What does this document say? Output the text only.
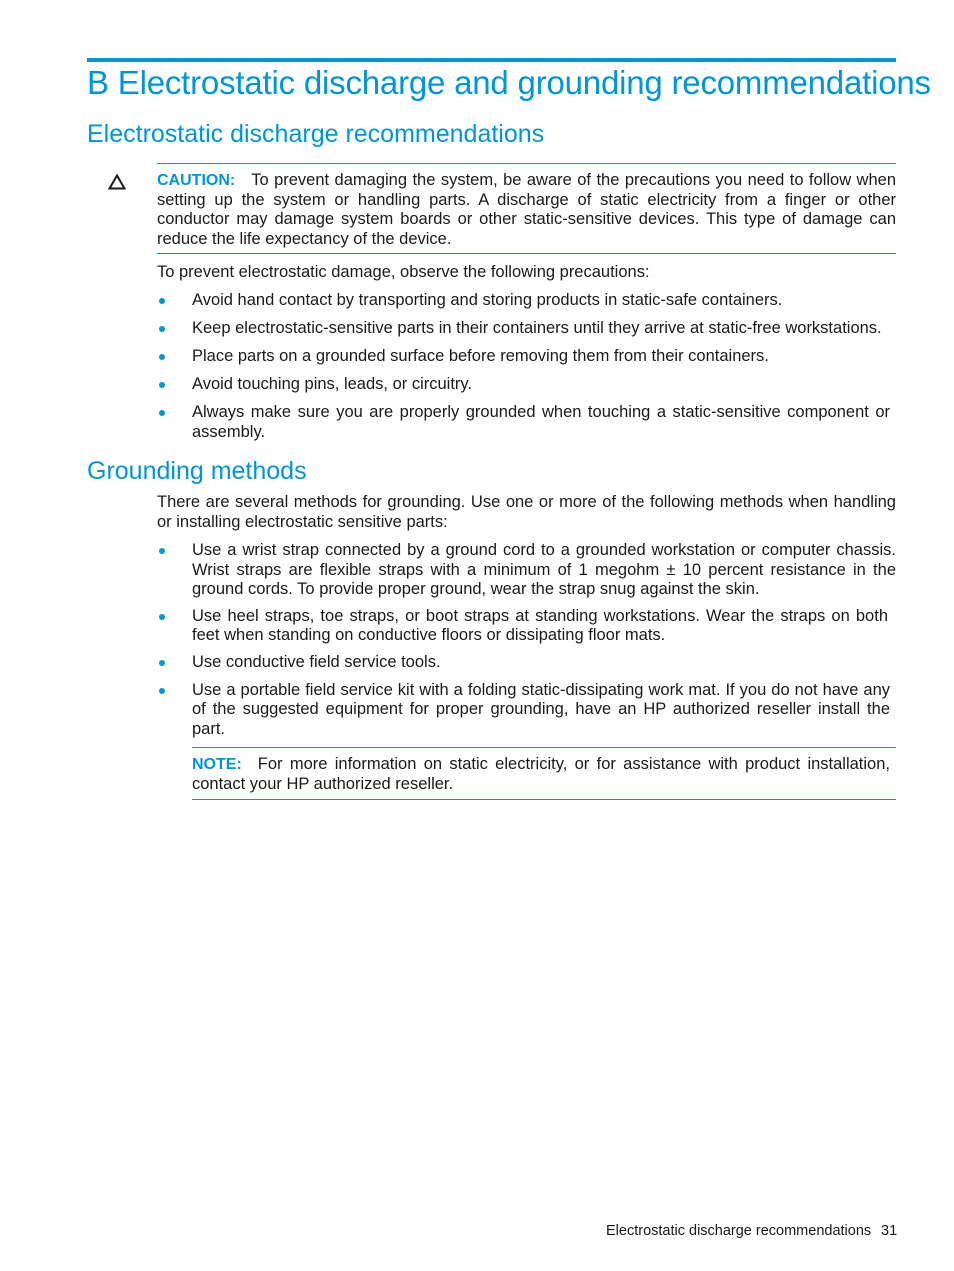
B Electrostatic discharge and grounding recommendations
Electrostatic discharge recommendations
CAUTION: To prevent damaging the system, be aware of the precautions you need to follow when setting up the system or handling parts. A discharge of static electricity from a finger or other conductor may damage system boards or other static-sensitive devices. This type of damage can reduce the life expectancy of the device.

To prevent electrostatic damage, observe the following precautions:

Avoid hand contact by transporting and storing products in static-safe containers.
Keep electrostatic-sensitive parts in their containers until they arrive at static-free workstations.
Place parts on a grounded surface before removing them from their containers.
Avoid touching pins, leads, or circuitry.
Always make sure you are properly grounded when touching a static-sensitive component or assembly.
Grounding methods

There are several methods for grounding. Use one or more of the following methods when handling or installing electrostatic sensitive parts:

Use a wrist strap connected by a ground cord to a grounded workstation or computer chassis. Wrist straps are flexible straps with a minimum of 1 megohm ± 10 percent resistance in the ground cords. To provide proper ground, wear the strap snug against the skin.
Use heel straps, toe straps, or boot straps at standing workstations. Wear the straps on both feet when standing on conductive floors or dissipating floor mats.
Use conductive field service tools.
Use a portable field service kit with a folding static-dissipating work mat. If you do not have any of the suggested equipment for proper grounding, have an HP authorized reseller install the part.
NOTE: For more information on static electricity, or for assistance with product installation, contact your HP authorized reseller.
Electrostatic discharge recommendations 31
